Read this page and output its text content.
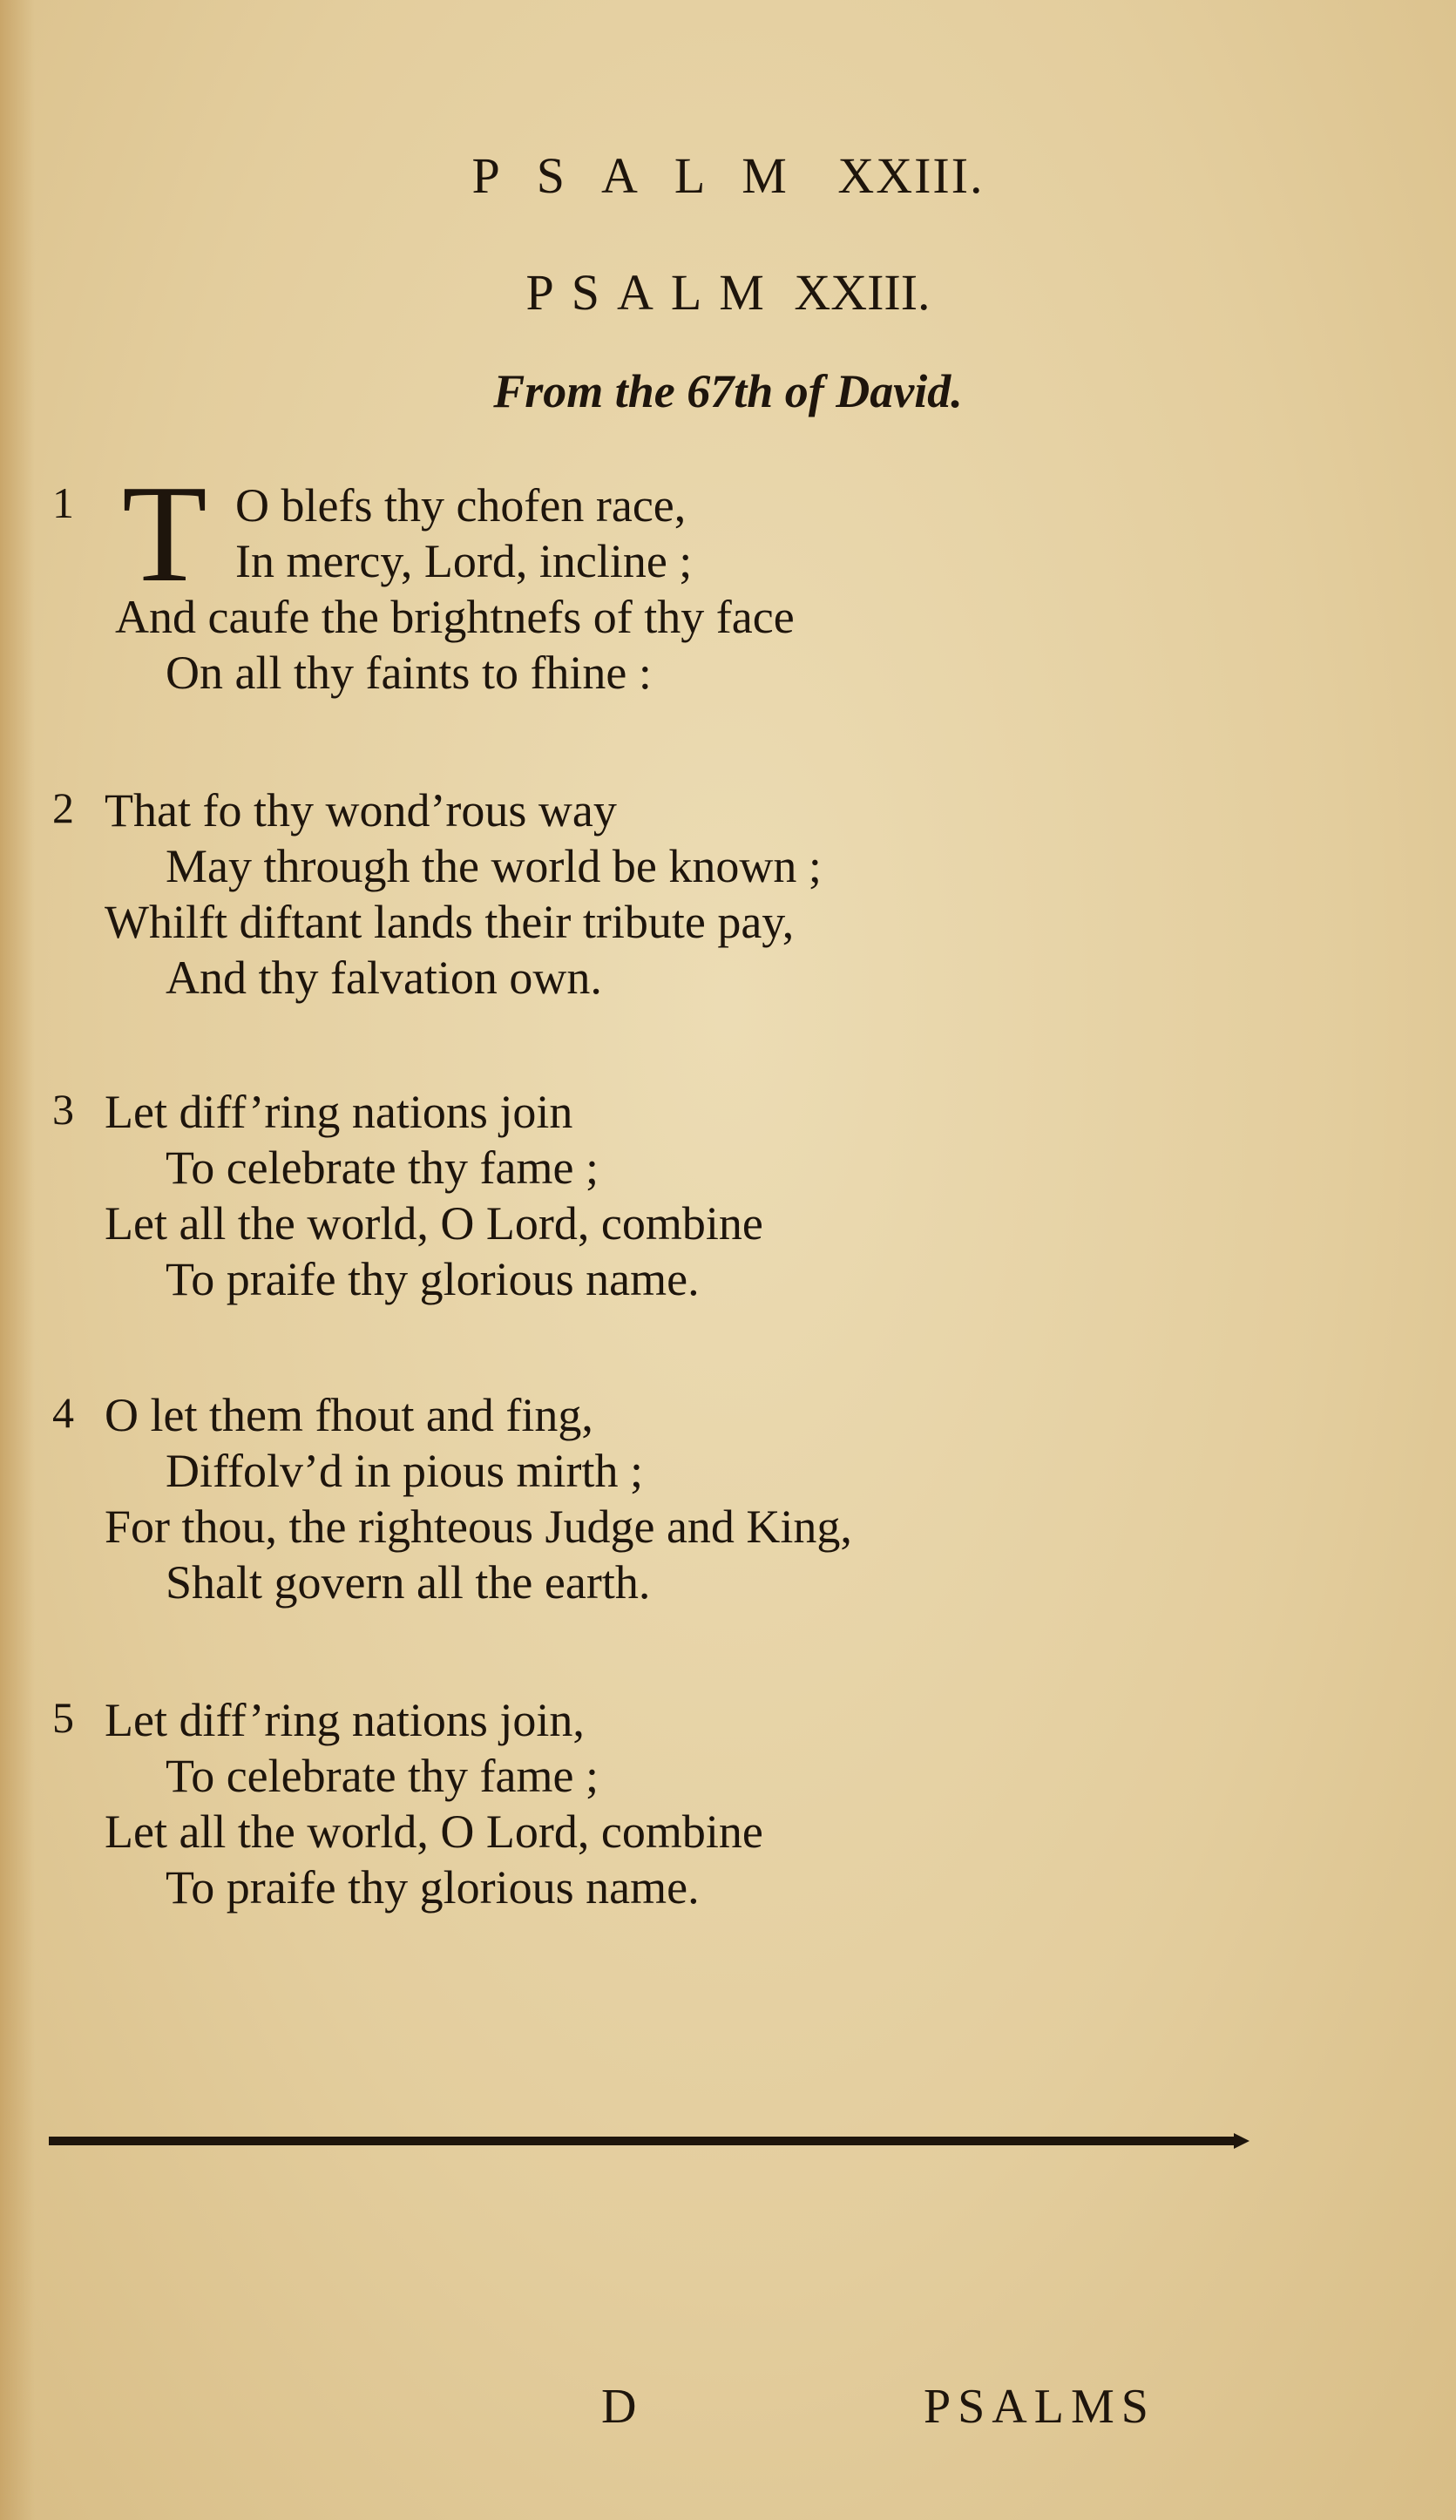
PSALM XXIII.
PSALM XXIII.
From the 67th of David.
1 T O blefs thy chofen race,
In mercy, Lord, incline ;
And caufe the brightnefs of thy face
On all thy faints to fhine :
2 That fo thy wond’rous way
May through the world be known ;
Whilft diftant lands their tribute pay,
And thy falvation own.
3 Let diff’ring nations join
To celebrate thy fame ;
Let all the world, O Lord, combine
To praife thy glorious name.
4 O let them fhout and fing,
Diffolv’d in pious mirth ;
For thou, the righteous Judge and King,
Shalt govern all the earth.
5 Let diff’ring nations join,
To celebrate thy fame ;
Let all the world, O Lord, combine
To praife thy glorious name.
D	PSALMS
